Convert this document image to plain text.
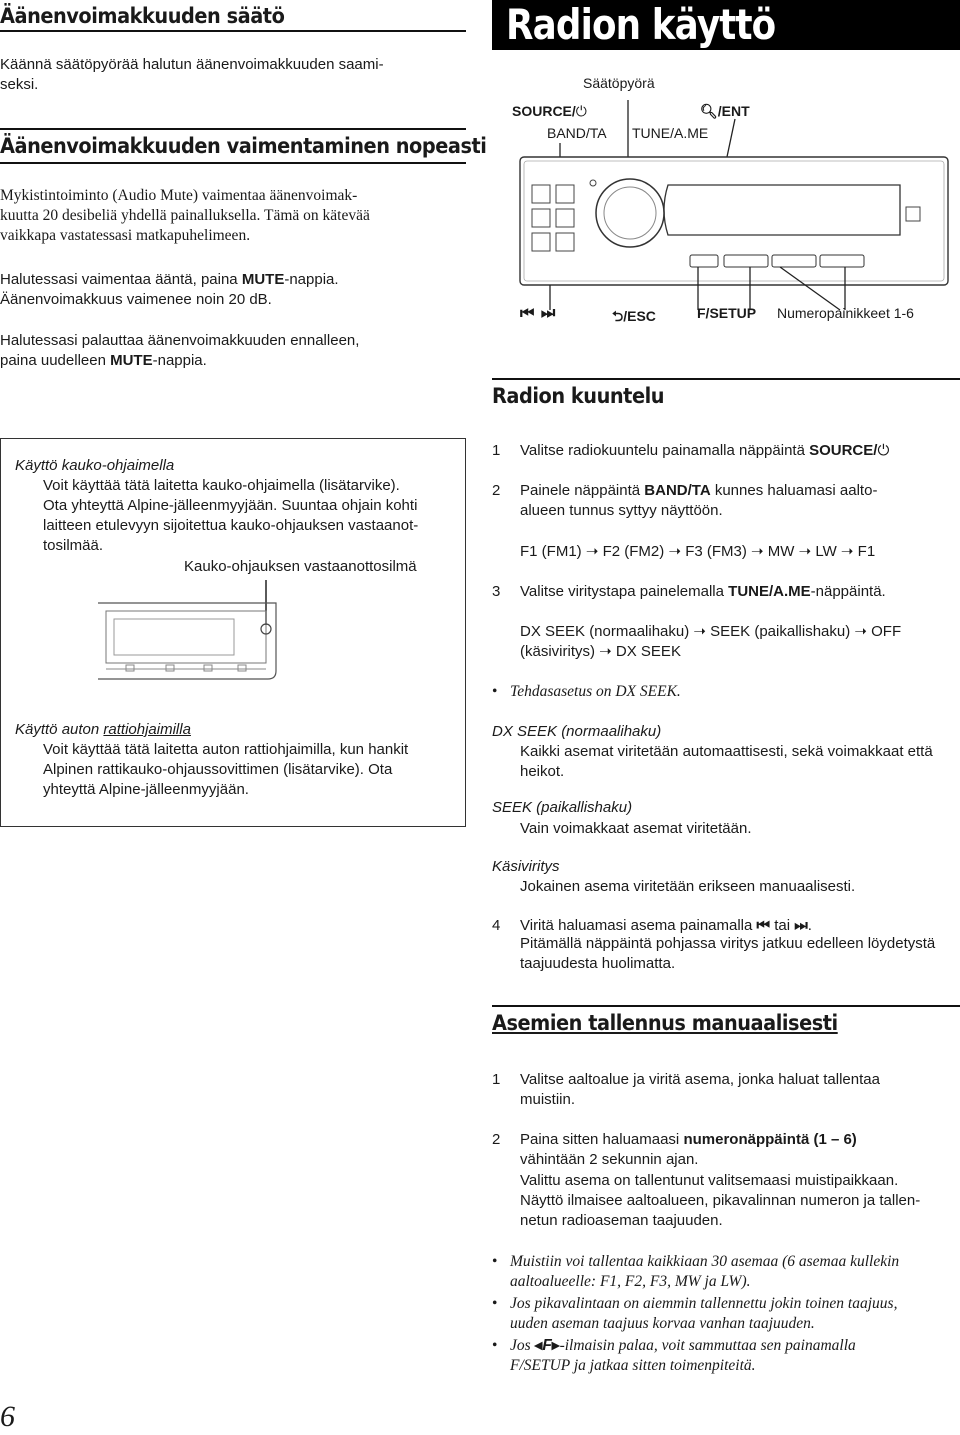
Äänenvoimakkuuden säätö
Käännä säätöpyörää halutun äänenvoimakkuuden saami-
seksi.
Äänenvoimakkuuden vaimentaminen nopeasti
Mykistintoiminto (Audio Mute) vaimentaa äänenvoimak-
kuutta 20 desibeliä yhdellä painalluksella. Tämä on kätevää
vaikkapa vastatessasi matkapuhelimeen.
Halutessasi vaimentaa ääntä, paina MUTE-nappia.
Äänenvoimakkuus vaimenee noin 20 dB.
Halutessasi palauttaa äänenvoimakkuuden ennalleen,
paina uudelleen MUTE-nappia.
Käyttö kauko-ohjaimella
Voit käyttää tätä laitetta kauko-ohjaimella (lisätarvike).
Ota yhteyttä Alpine-jälleenmyyjään. Suuntaa ohjain kohti
laitteen etulevyyn sijoitettua kauko-ohjauksen vastaanot-
tosilmää.
Kauko-ohjauksen vastaanottosilmä
Käyttö auton rattiohjaimilla
Voit käyttää tätä laitetta auton rattiohjaimilla, kun hankit
Alpinen rattikauko-ohjaussovittimen (lisätarvike). Ota
yhteyttä Alpine-jälleenmyyjään.
6
Radion käyttö
Säätöpyörä
SOURCE/⏻	🔍︎/ENT
BAND/TA TUNE/A.ME
⏮ ⏭	⮌/ESC	F/SETUP Numeropainikkeet 1-6
Radion kuuntelu
1 Valitse radiokuuntelu painamalla näppäintä SOURCE/⏻
2 Painele näppäintä BAND/TA kunnes haluamasi aalto-
alueen tunnus syttyy näyttöön.
F1 (FM1) ➝ F2 (FM2) ➝ F3 (FM3) ➝ MW ➝ LW ➝ F1
3 Valitse viritystapa painelemalla TUNE/A.ME-näppäintä.
DX SEEK (normaalihaku) ➝ SEEK (paikallishaku) ➝ OFF
(käsiviritys) ➝ DX SEEK
• Tehdasasetus on DX SEEK.
DX SEEK (normaalihaku)
Kaikki asemat viritetään automaattisesti, sekä voimakkaat että
heikot.
SEEK (paikallishaku)
Vain voimakkaat asemat viritetään.
Käsiviritys
Jokainen asema viritetään erikseen manuaalisesti.
4 Viritä haluamasi asema painamalla ⏮ tai ⏭.
Pitämällä näppäintä pohjassa viritys jatkuu edelleen löydetystä
taajuudesta huolimatta.
Asemien tallennus manuaalisesti
1 Valitse aaltoalue ja viritä asema, jonka haluat tallentaa
muistiin.
2 Paina sitten haluamaasi numeronäppäintä (1 – 6)
vähintään 2 sekunnin ajan.
Valittu asema on tallentunut valitsemaasi muistipaikkaan.
Näyttö ilmaisee aaltoalueen, pikavalinnan numeron ja tallen-
netun radioaseman taajuuden.
• Muistiin voi tallentaa kaikkiaan 30 asemaa (6 asemaa kullekin
aaltoalueelle: F1, F2, F3, MW ja LW).
• Jos pikavalintaan on aiemmin tallennettu jokin toinen taajuus,
uuden aseman taajuus korvaa vanhan taajuuden.
• Jos ◂F▸-ilmaisin palaa, voit sammuttaa sen painamalla
F/SETUP ja jatkaa sitten toimenpiteitä.
